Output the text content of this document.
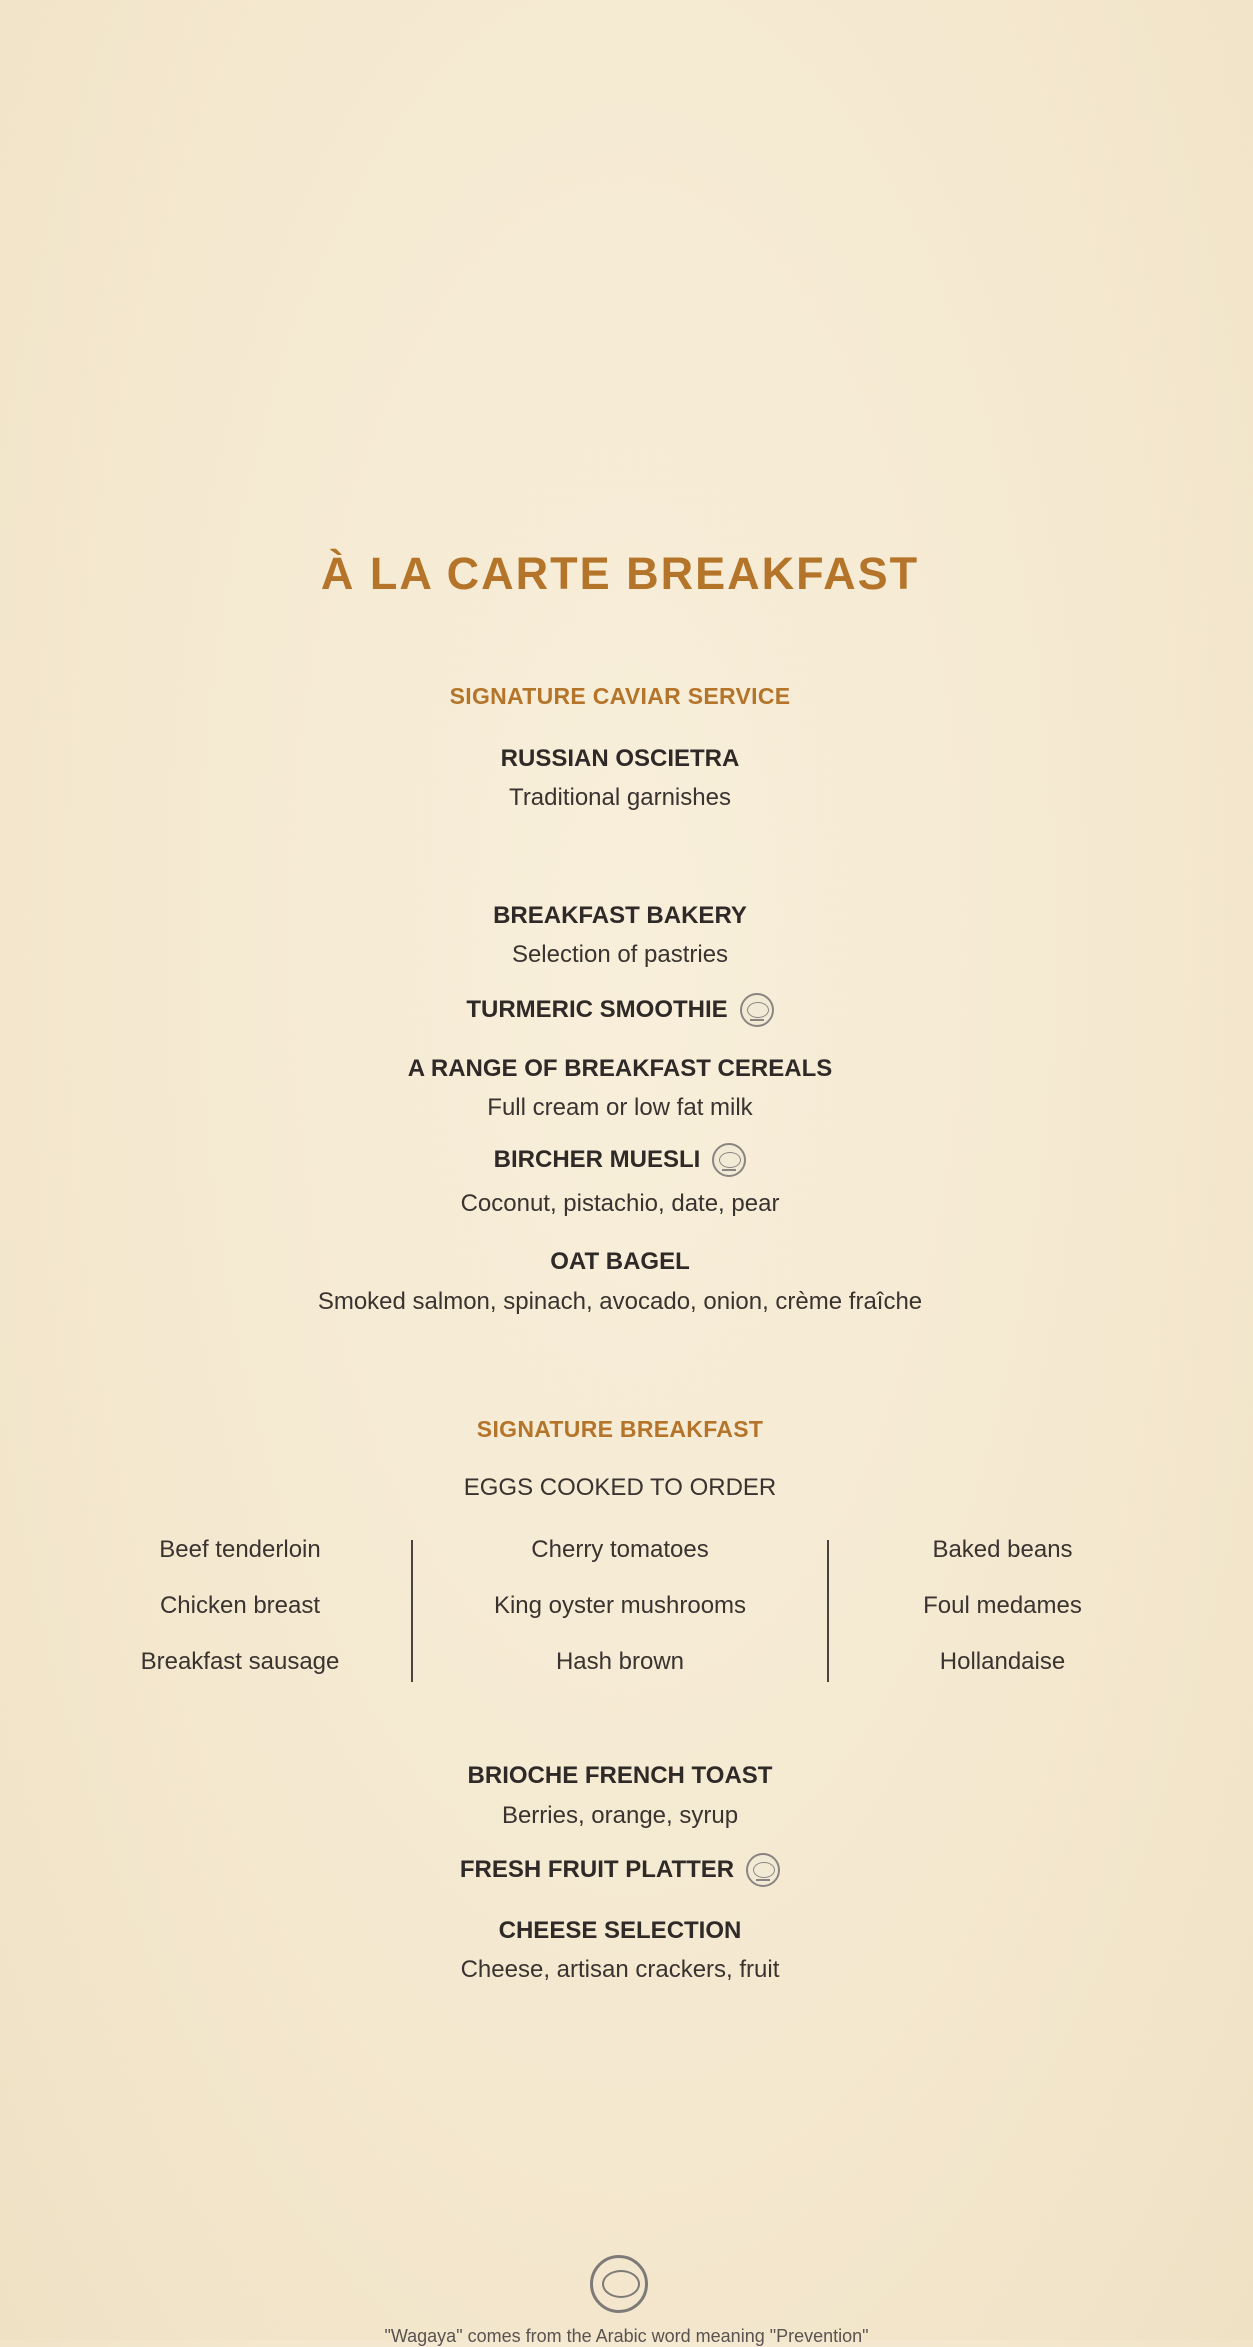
À LA CARTE BREAKFAST
SIGNATURE CAVIAR SERVICE
RUSSIAN OSCIETRA
Traditional garnishes
BREAKFAST BAKERY
Selection of pastries
TURMERIC SMOOTHIE
A RANGE OF BREAKFAST CEREALS
Full cream or low fat milk
BIRCHER MUESLI
Coconut, pistachio, date, pear
OAT BAGEL
Smoked salmon, spinach, avocado, onion, crème fraîche
SIGNATURE BREAKFAST
EGGS COOKED TO ORDER
Beef tenderloin
Chicken breast
Breakfast sausage
Cherry tomatoes
King oyster mushrooms
Hash brown
Baked beans
Foul medames
Hollandaise
BRIOCHE FRENCH TOAST
Berries, orange, syrup
FRESH FRUIT PLATTER
CHEESE SELECTION
Cheese, artisan crackers, fruit
"Wagaya" comes from the Arabic word meaning "Prevention"
